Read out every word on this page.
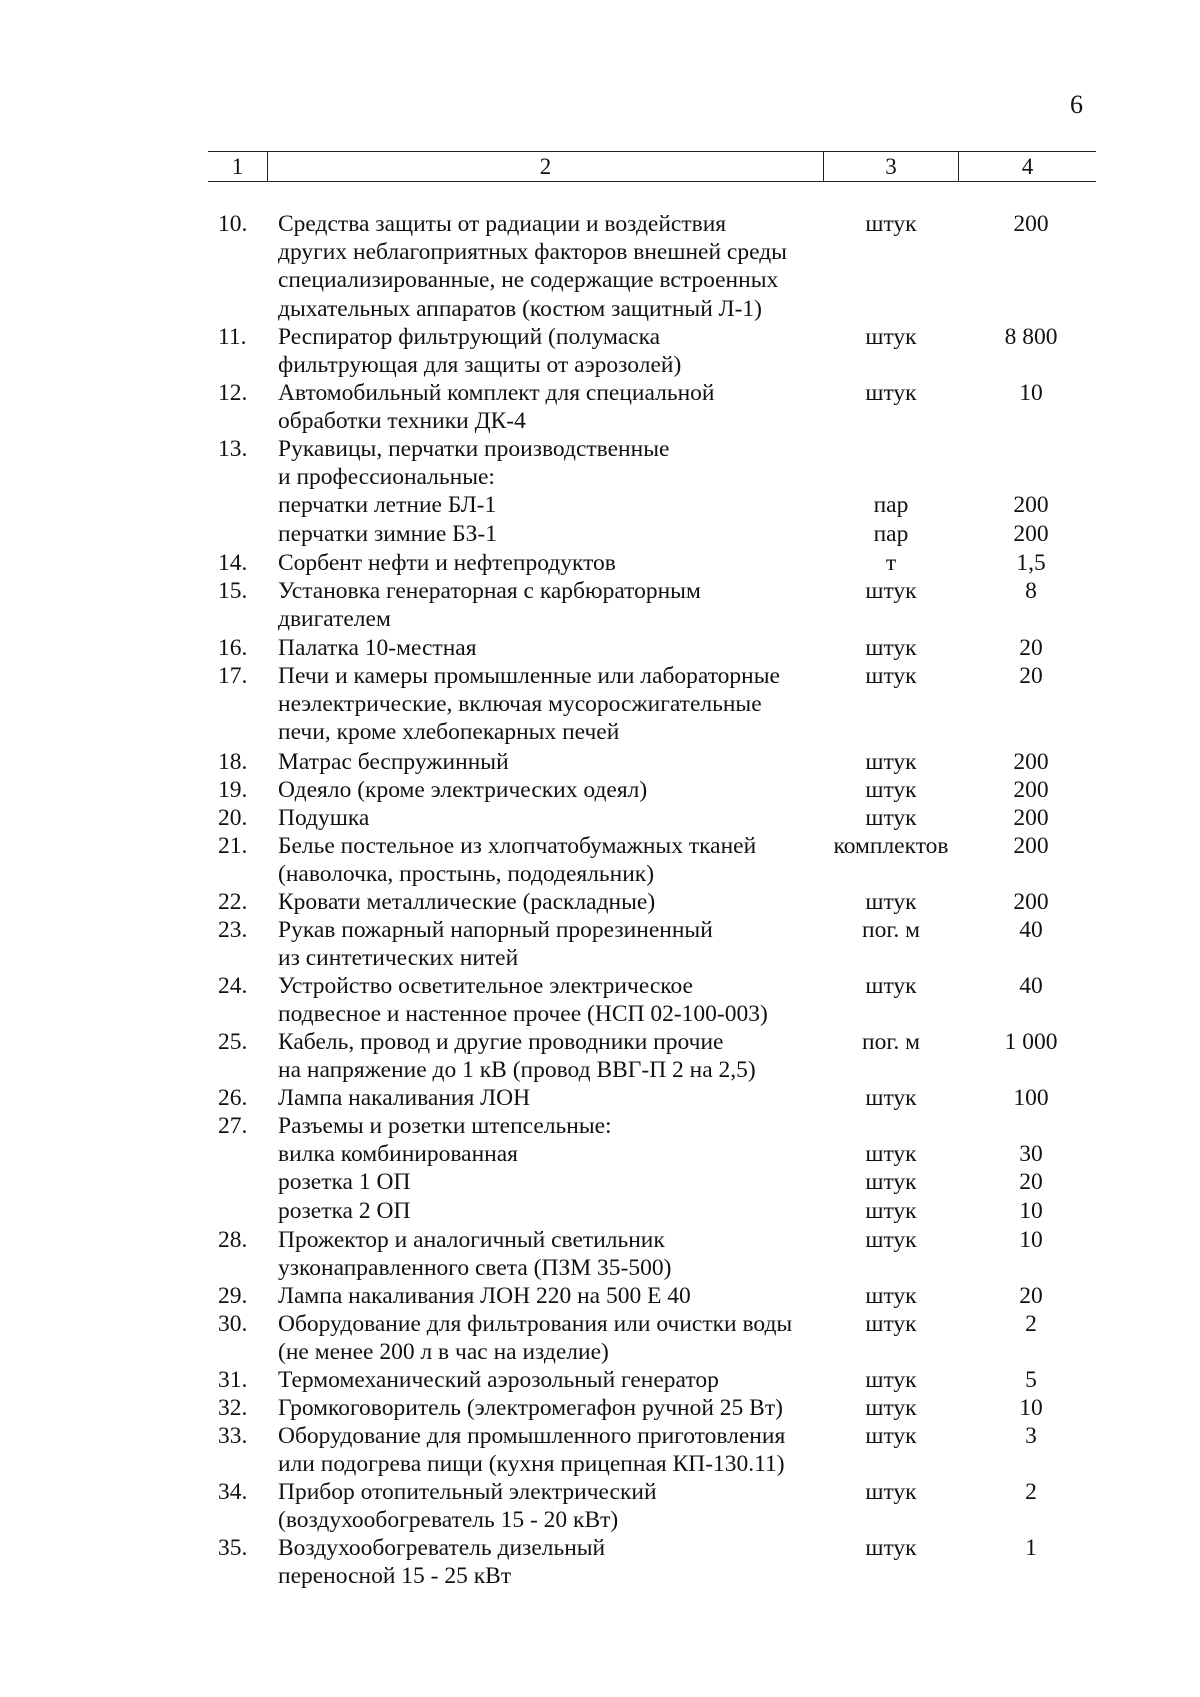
6
1	2	3	4
10.	Средства защиты от радиации и воздействия
других неблагоприятных факторов внешней среды
специализированные, не содержащие встроенных
дыхательных аппаратов (костюм защитный Л-1)
штук	200
11.	Респиратор фильтрующий (полумаска
фильтрующая для защиты от аэрозолей)
штук	8 800
12.	Автомобильный комплект для специальной
обработки техники ДК-4
штук	10
13.	Рукавицы, перчатки производственные
и профессиональные:
перчатки летние БЛ-1	пар	200
перчатки зимние БЗ-1	пар	200
14.	Сорбент нефти и нефтепродуктов	т	1,5
15.	Установка генераторная с карбюраторным
двигателем
штук	8
16.	Палатка 10-местная	штук	20
17.	Печи и камеры промышленные или лабораторные
неэлектрические, включая мусоросжигательные
печи, кроме хлебопекарных печей
штук	20
18.	Матрас беспружинный	штук	200
19.	Одеяло (кроме электрических одеял)	штук	200
20.	Подушка	штук	200
21.	Белье постельное из хлопчатобумажных тканей
(наволочка, простынь, пододеяльник)
комплектов	200
22.	Кровати металлические (раскладные)	штук	200
23.	Рукав пожарный напорный прорезиненный
из синтетических нитей
пог. м	40
24.	Устройство осветительное электрическое
подвесное и настенное прочее (НСП 02-100-003)
штук	40
25.	Кабель, провод и другие проводники прочие
на напряжение до 1 кВ (провод ВВГ-П 2 на 2,5)
пог. м	1 000
26.	Лампа накаливания ЛОН	штук	100
27.	Разъемы и розетки штепсельные:
вилка комбинированная	штук	30
розетка 1 ОП	штук	20
розетка 2 ОП	штук	10
28.	Прожектор и аналогичный светильник
узконаправленного света (ПЗМ 35-500)
штук	10
29.	Лампа накаливания ЛОН 220 на 500 Е 40	штук	20
30.	Оборудование для фильтрования или очистки воды
(не менее 200 л в час на изделие)
штук	2
31.	Термомеханический аэрозольный генератор	штук	5
32.	Громкоговоритель (электромегафон ручной 25 Вт)	штук	10
33.	Оборудование для промышленного приготовления
или подогрева пищи (кухня прицепная КП-130.11)
штук	3
34.	Прибор отопительный электрический
(воздухообогреватель 15 - 20 кВт)
штук	2
35.	Воздухообогреватель дизельный
переносной 15 - 25 кВт
штук	1
